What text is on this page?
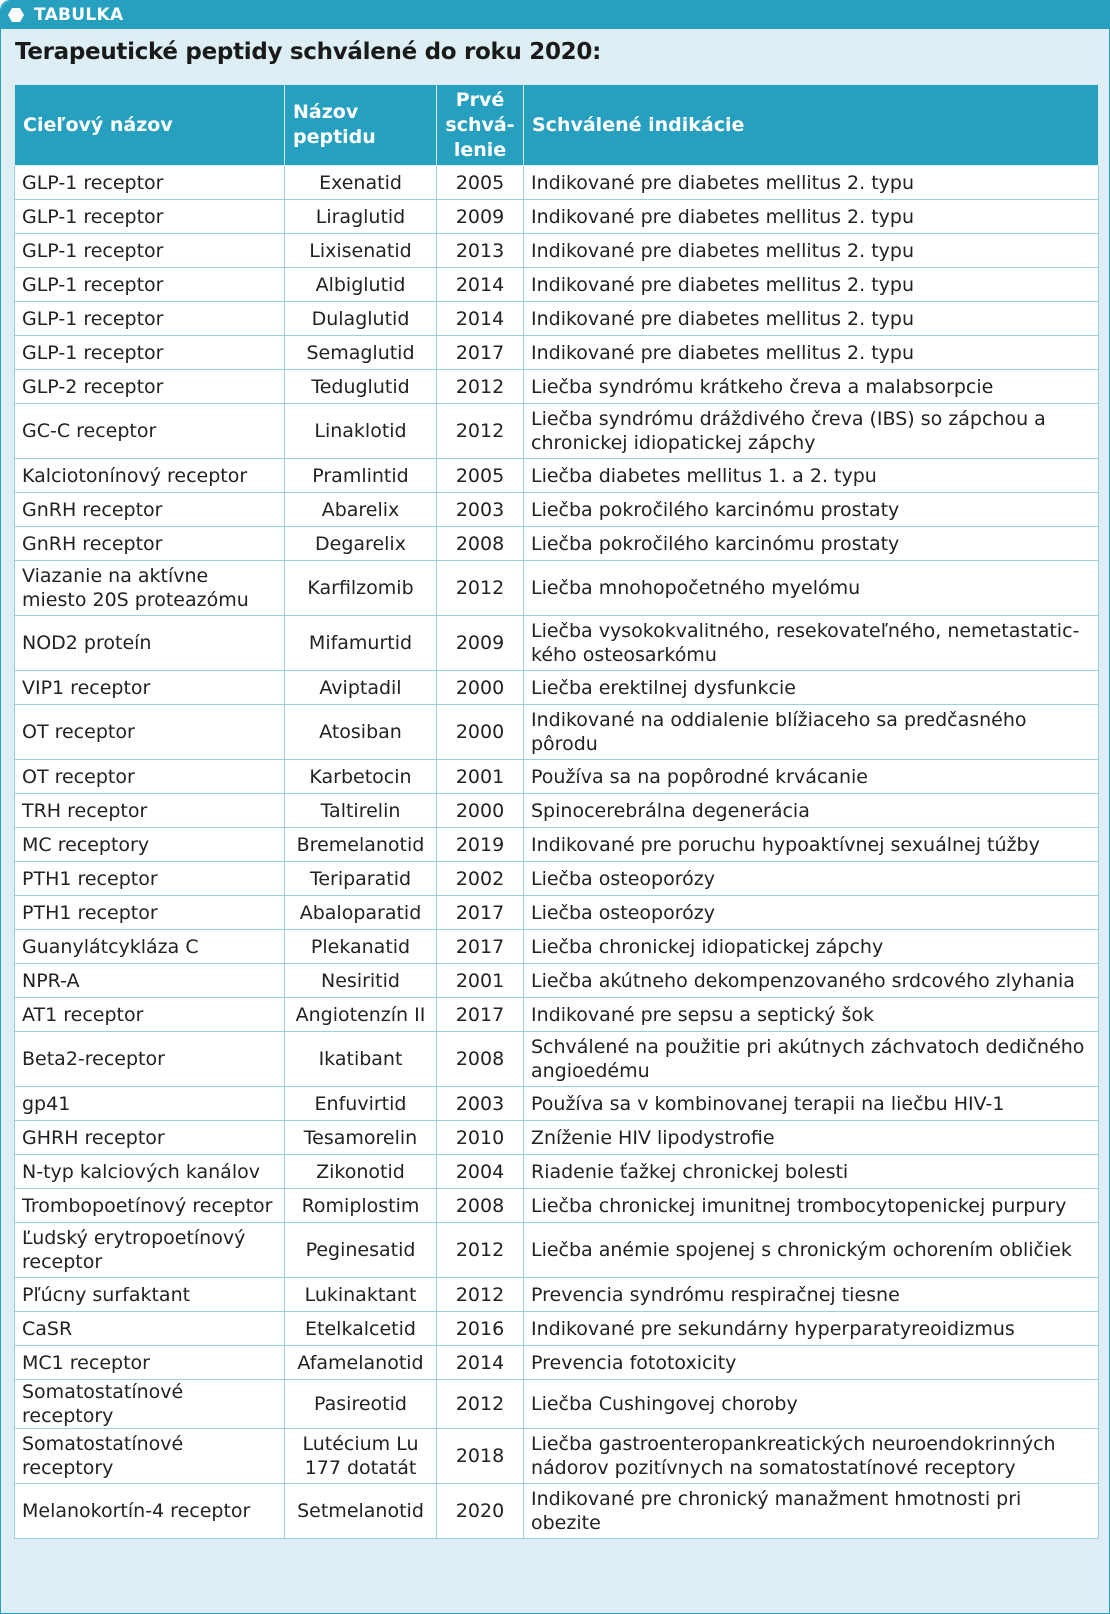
TABULKA
Terapeutické peptidy schválené do roku 2020:
Cieľový názov	Názov peptidu	Prvé schvá- lenie	Schválené indikácie
GLP-1 receptor	Exenatid	2005	Indikované pre diabetes mellitus 2. typu
GLP-1 receptor	Liraglutid	2009	Indikované pre diabetes mellitus 2. typu
GLP-1 receptor	Lixisenatid	2013	Indikované pre diabetes mellitus 2. typu
GLP-1 receptor	Albiglutid	2014	Indikované pre diabetes mellitus 2. typu
GLP-1 receptor	Dulaglutid	2014	Indikované pre diabetes mellitus 2. typu
GLP-1 receptor	Semaglutid	2017	Indikované pre diabetes mellitus 2. typu
GLP-2 receptor	Teduglutid	2012	Liečba syndrómu krátkeho čreva a malabsorpcie
GC-C receptor	Linaklotid	2012	Liečba syndrómu dráždivého čreva (IBS) so zápchou a chronickej idiopatickej zápchy
Kalciotonínový receptor	Pramlintid	2005	Liečba diabetes mellitus 1. a 2. typu
GnRH receptor	Abarelix	2003	Liečba pokročilého karcinómu prostaty
GnRH receptor	Degarelix	2008	Liečba pokročilého karcinómu prostaty
Viazanie na aktívne miesto 20S proteazómu	Karfilzomib	2012	Liečba mnohopočetného myelómu
NOD2 proteín	Mifamurtid	2009	Liečba vysokokvalitného, resekovateľného, nemetastatického osteosarkómu
VIP1 receptor	Aviptadil	2000	Liečba erektilnej dysfunkcie
OT receptor	Atosiban	2000	Indikované na oddialenie blížiaceho sa predčasného pôrodu
OT receptor	Karbetocin	2001	Používa sa na popôrodné krvácanie
TRH receptor	Taltirelin	2000	Spinocerebrálna degenerácia
MC receptory	Bremelanotid	2019	Indikované pre poruchu hypoaktívnej sexuálnej túžby
PTH1 receptor	Teriparatid	2002	Liečba osteoporózy
PTH1 receptor	Abaloparatid	2017	Liečba osteoporózy
Guanylátcykláza C	Plekanatid	2017	Liečba chronickej idiopatickej zápchy
NPR-A	Nesiritid	2001	Liečba akútneho dekompenzovaného srdcového zlyhania
AT1 receptor	Angiotenzín II	2017	Indikované pre sepsu a septický šok
Beta2-receptor	Ikatibant	2008	Schválené na použitie pri akútnych záchvatoch dedičného angioedému
gp41	Enfuvirtid	2003	Používa sa v kombinovanej terapii na liečbu HIV-1
GHRH receptor	Tesamorelin	2010	Zníženie HIV lipodystrofie
N-typ kalciových kanálov	Zikonotid	2004	Riadenie ťažkej chronickej bolesti
Trombopoetínový receptor	Romiplostim	2008	Liečba chronickej imunitnej trombocytopenickej purpury
Ľudský erytropoetínový receptor	Peginesatid	2012	Liečba anémie spojenej s chronickým ochorením obličiek
Pľúcny surfaktant	Lukinaktant	2012	Prevencia syndrómu respiračnej tiesne
CaSR	Etelkalcetid	2016	Indikované pre sekundárny hyperparatyreoidizmus
MC1 receptor	Afamelanotid	2014	Prevencia fototoxicity
Somatostatínové receptory	Pasireotid	2012	Liečba Cushingovej choroby
Somatostatínové receptory	Lutécium Lu 177 dotatát	2018	Liečba gastroenteropankreatických neuroendokrinných nádorov pozitívnych na somatostatínové receptory
Melanokortín-4 receptor	Setmelanotid	2020	Indikované pre chronický manažment hmotnosti pri obezite
